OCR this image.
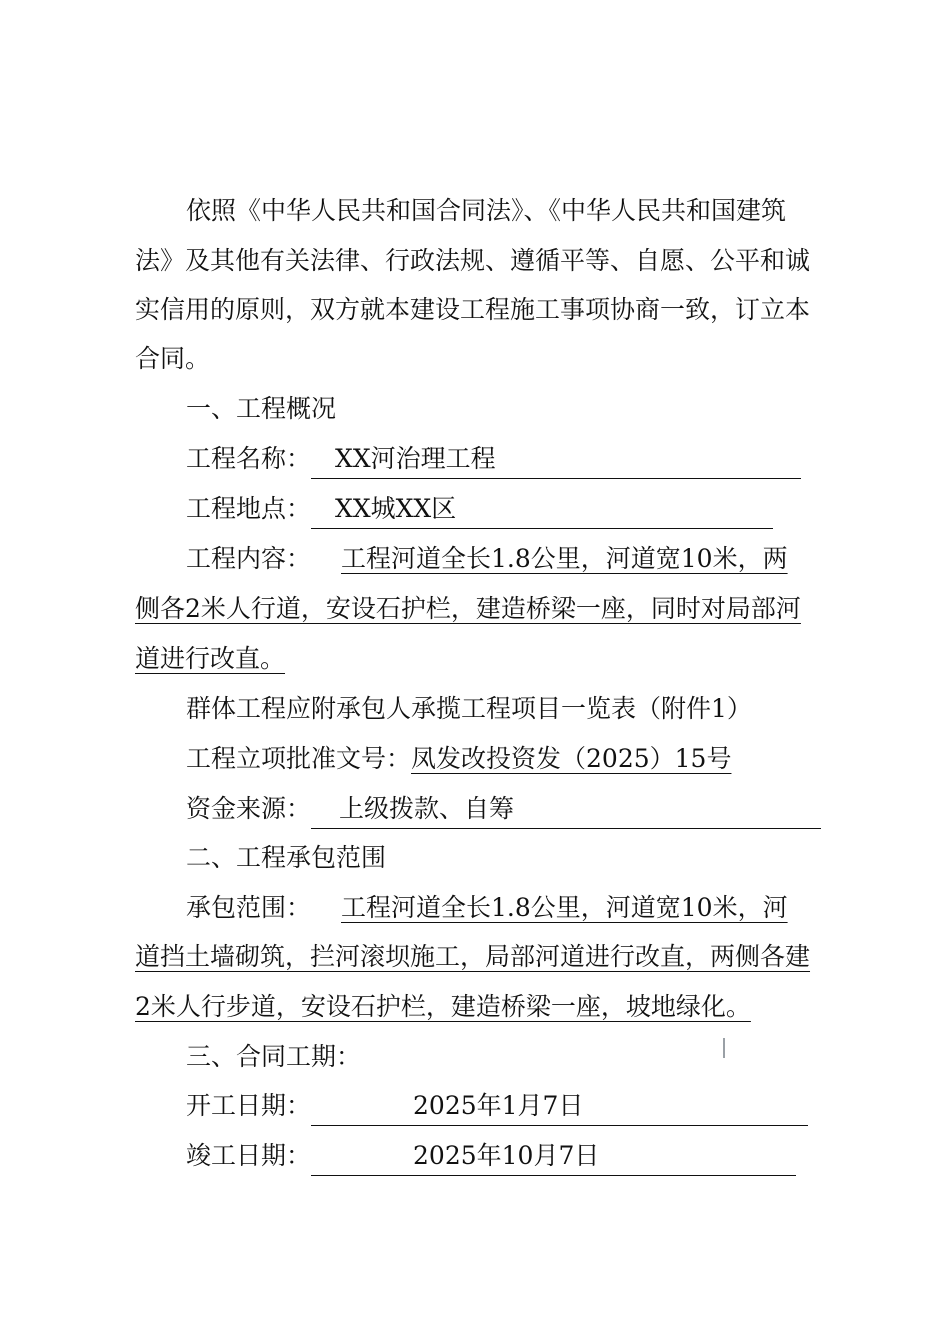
依照《中华人民共和国合同法》、《中华人民共和国建筑
法》及其他有关法律、行政法规、遵循平等、自愿、公平和诚
实信用的原则，双方就本建设工程施工事项协商一致，订立本
合同。
一、工程概况
工程名称： XX河治理工程
工程地点： XX城XX区
工程内容： 工程河道全长1.8公里，河道宽10米，两
侧各2米人行道，安设石护栏，建造桥梁一座，同时对局部河
道进行改直。
群体工程应附承包人承揽工程项目一览表（附件1）
工程立项批准文号：凤发改投资发（2025）15号
资金来源： 上级拨款、自筹
二、工程承包范围
承包范围： 工程河道全长1.8公里，河道宽10米，河
道挡土墙砌筑，拦河滚坝施工，局部河道进行改直，两侧各建
2米人行步道，安设石护栏，建造桥梁一座，坡地绿化。
三、合同工期：
开工日期：	2025年1月7日
竣工日期：	2025年10月7日
